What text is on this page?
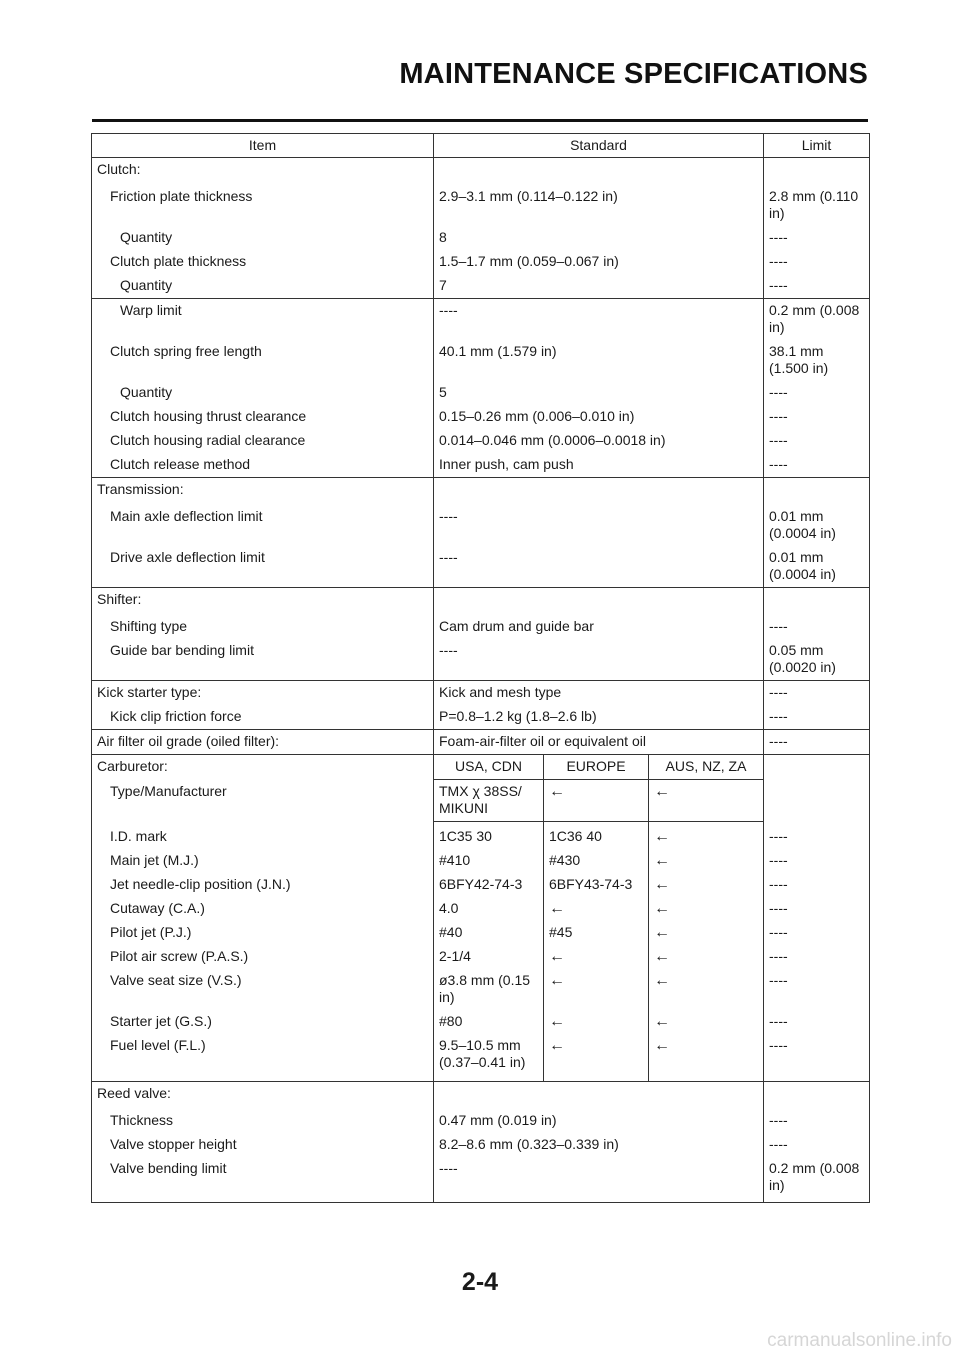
MAINTENANCE SPECIFICATIONS
Item	Standard			Limit
Clutch:				
Friction plate thickness	2.9–3.1 mm (0.114–0.122 in)			2.8 mm (0.110 in)
Quantity	8			----
Clutch plate thickness	1.5–1.7 mm (0.059–0.067 in)			----
Quantity	7			----
Warp limit	----			0.2 mm (0.008 in)
Clutch spring free length	40.1 mm (1.579 in)			38.1 mm (1.500 in)
Quantity	5			----
Clutch housing thrust clearance	0.15–0.26 mm (0.006–0.010 in)			----
Clutch housing radial clearance	0.014–0.046 mm (0.0006–0.0018 in)			----
Clutch release method	Inner push, cam push			----
Transmission:				
Main axle deflection limit	----			0.01 mm (0.0004 in)
Drive axle deflection limit	----			0.01 mm (0.0004 in)
Shifter:				
Shifting type	Cam drum and guide bar			----
Guide bar bending limit	----			0.05 mm (0.0020 in)
Kick starter type:	Kick and mesh type			----
Kick clip friction force	P=0.8–1.2 kg (1.8–2.6 lb)			----
Air filter oil grade (oiled filter):	Foam-air-filter oil or equivalent oil			----
Carburetor:	USA, CDN	EUROPE	AUS, NZ, ZA	
Type/Manufacturer	TMX χ 38SS/ MIKUNI	←	←	
I.D. mark	1C35 30	1C36 40	←	----
Main jet (M.J.)	#410	#430	←	----
Jet needle-clip position (J.N.)	6BFY42-74-3	6BFY43-74-3	←	----
Cutaway (C.A.)	4.0	←	←	----
Pilot jet (P.J.)	#40	#45	←	----
Pilot air screw (P.A.S.)	2-1/4	←	←	----
Valve seat size (V.S.)	ø3.8 mm (0.15 in)	←	←	----
Starter jet (G.S.)	#80	←	←	----
Fuel level (F.L.)	9.5–10.5 mm (0.37–0.41 in)	←	←	----
Reed valve:				
Thickness	0.47 mm (0.019 in)			----
Valve stopper height	8.2–8.6 mm (0.323–0.339 in)			----
Valve bending limit	----			0.2 mm (0.008 in)
2-4
carmanualsonline.info
